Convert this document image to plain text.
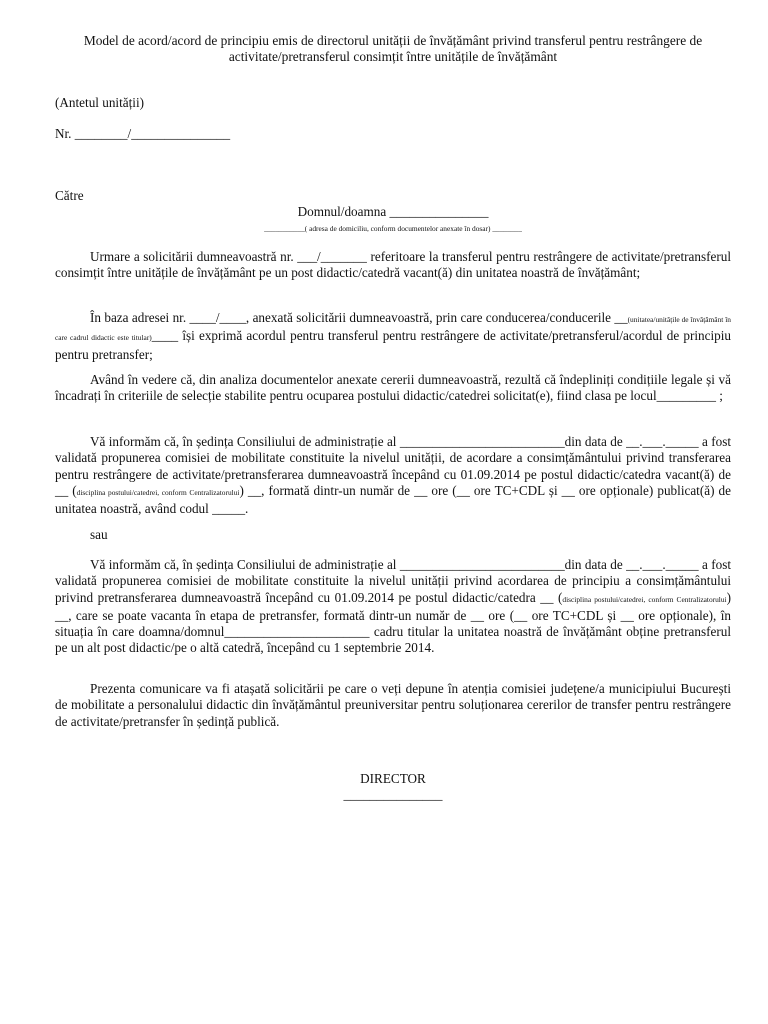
Model de acord/acord de principiu emis de directorul unității de învățământ privind transferul pentru restrângere de
activitate/pretransferul consimțit între unitățile de învățământ

(Antetul unității)

Nr. ________/_______________

Către

Domnul/doamna _______________

___________( adresa de domiciliu, conform documentelor anexate în dosar) ________

Urmare a solicitării dumneavoastră nr. ___/_______ referitoare la transferul pentru restrângere de activitate/pretransferul consimțit între unitățile de învățământ pe un post didactic/catedră vacant(ă) din unitatea noastră de învățământ;

În baza adresei nr. ____/____, anexată solicitării dumneavoastră, prin care conducerea/conducerile __(unitatea/unitățile de învățământ în care cadrul didactic este titular)____ își exprimă acordul pentru transferul pentru restrângere de activitate/pretransferul/acordul de principiu pentru pretransfer;

Având în vedere că, din analiza documentelor anexate cererii dumneavoastră, rezultă că îndepliniți condițiile legale și vă încadrați în criteriile de selecție stabilite pentru ocuparea postului didactic/catedrei solicitat(e), fiind clasa pe locul_________ ;

Vă informăm că, în ședința Consiliului de administrație al _________________________din data de __.___._____ a fost validată propunerea comisiei de mobilitate constituite la nivelul unității, de acordare a consimțământului privind transferarea pentru restrângere de activitate/pretransferarea dumneavoastră începând cu 01.09.2014 pe postul didactic/catedra vacant(ă) de __ (disciplina postului/catedrei, conform Centralizatorului) __, formată dintr-un număr de __ ore (__ ore TC+CDL și __ ore opționale) publicat(ă) de unitatea noastră, având codul _____.

sau

Vă informăm că, în ședința Consiliului de administrație al _________________________din data de __.___._____ a fost validată propunerea comisiei de mobilitate constituite la nivelul unității privind acordarea de principiu a consimțământului privind pretransferarea dumneavoastră începând cu 01.09.2014 pe postul didactic/catedra __ (disciplina postului/catedrei, conform Centralizatorului) __, care se poate vacanta în etapa de pretransfer, formată dintr-un număr de __ ore (__ ore TC+CDL și __ ore opționale), în situația în care doamna/domnul______________________ cadru titular la unitatea noastră de învățământ obține pretransferul pe un alt post didactic/pe o altă catedră, începând cu 1 septembrie 2014.

Prezenta comunicare va fi atașată solicitării pe care o veți depune în atenția comisiei județene/a municipiului București de mobilitate a personalului didactic din învățământul preuniversitar pentru soluționarea cererilor de transfer pentru restrângere de activitate/pretransfer în ședință publică.

DIRECTOR

_______________
